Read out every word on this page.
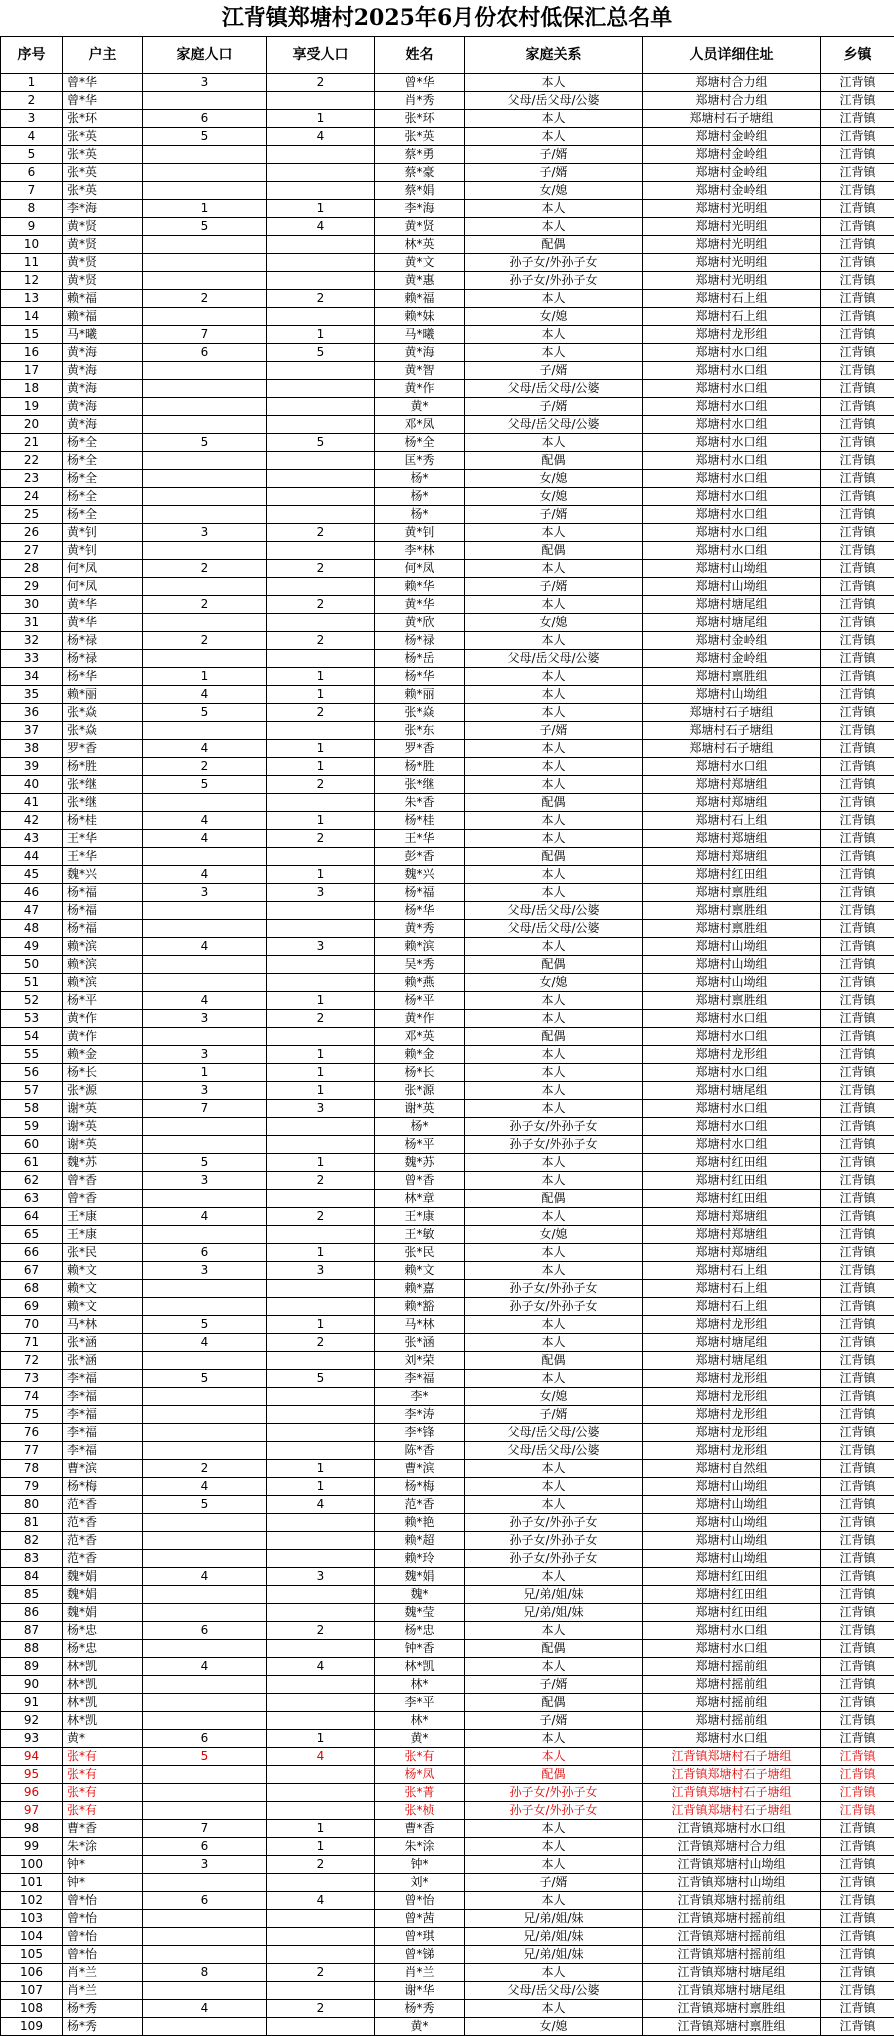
江背镇郑塘村2025年6月份农村低保汇总名单
序号	户主	家庭人口	享受人口	姓名	家庭关系	人员详细住址	乡镇
1	曾*华	3	2	曾*华	本人	郑塘村合力组	江背镇
2	曾*华			肖*秀	父母/岳父母/公婆	郑塘村合力组	江背镇
3	张*环	6	1	张*环	本人	郑塘村石子塘组	江背镇
4	张*英	5	4	张*英	本人	郑塘村金岭组	江背镇
5	张*英			蔡*勇	子/婿	郑塘村金岭组	江背镇
6	张*英			蔡*豪	子/婿	郑塘村金岭组	江背镇
7	张*英			蔡*娟	女/媳	郑塘村金岭组	江背镇
8	李*海	1	1	李*海	本人	郑塘村光明组	江背镇
9	黄*贤	5	4	黄*贤	本人	郑塘村光明组	江背镇
10	黄*贤			林*英	配偶	郑塘村光明组	江背镇
11	黄*贤			黄*文	孙子女/外孙子女	郑塘村光明组	江背镇
12	黄*贤			黄*惠	孙子女/外孙子女	郑塘村光明组	江背镇
13	赖*福	2	2	赖*福	本人	郑塘村石上组	江背镇
14	赖*福			赖*妹	女/媳	郑塘村石上组	江背镇
15	马*曦	7	1	马*曦	本人	郑塘村龙形组	江背镇
16	黄*海	6	5	黄*海	本人	郑塘村水口组	江背镇
17	黄*海			黄*智	子/婿	郑塘村水口组	江背镇
18	黄*海			黄*作	父母/岳父母/公婆	郑塘村水口组	江背镇
19	黄*海			黄*	子/婿	郑塘村水口组	江背镇
20	黄*海			邓*凤	父母/岳父母/公婆	郑塘村水口组	江背镇
21	杨*全	5	5	杨*全	本人	郑塘村水口组	江背镇
22	杨*全			匡*秀	配偶	郑塘村水口组	江背镇
23	杨*全			杨*	女/媳	郑塘村水口组	江背镇
24	杨*全			杨*	女/媳	郑塘村水口组	江背镇
25	杨*全			杨*	子/婿	郑塘村水口组	江背镇
26	黄*钊	3	2	黄*钊	本人	郑塘村水口组	江背镇
27	黄*钊			李*林	配偶	郑塘村水口组	江背镇
28	何*凤	2	2	何*凤	本人	郑塘村山坳组	江背镇
29	何*凤			赖*华	子/婿	郑塘村山坳组	江背镇
30	黄*华	2	2	黄*华	本人	郑塘村塘尾组	江背镇
31	黄*华			黄*欣	女/媳	郑塘村塘尾组	江背镇
32	杨*禄	2	2	杨*禄	本人	郑塘村金岭组	江背镇
33	杨*禄			杨*岳	父母/岳父母/公婆	郑塘村金岭组	江背镇
34	杨*华	1	1	杨*华	本人	郑塘村禀胜组	江背镇
35	赖*丽	4	1	赖*丽	本人	郑塘村山坳组	江背镇
36	张*焱	5	2	张*焱	本人	郑塘村石子塘组	江背镇
37	张*焱			张*东	子/婿	郑塘村石子塘组	江背镇
38	罗*香	4	1	罗*香	本人	郑塘村石子塘组	江背镇
39	杨*胜	2	1	杨*胜	本人	郑塘村水口组	江背镇
40	张*继	5	2	张*继	本人	郑塘村郑塘组	江背镇
41	张*继			朱*香	配偶	郑塘村郑塘组	江背镇
42	杨*桂	4	1	杨*桂	本人	郑塘村石上组	江背镇
43	王*华	4	2	王*华	本人	郑塘村郑塘组	江背镇
44	王*华			彭*香	配偶	郑塘村郑塘组	江背镇
45	魏*兴	4	1	魏*兴	本人	郑塘村红田组	江背镇
46	杨*福	3	3	杨*福	本人	郑塘村禀胜组	江背镇
47	杨*福			杨*华	父母/岳父母/公婆	郑塘村禀胜组	江背镇
48	杨*福			黄*秀	父母/岳父母/公婆	郑塘村禀胜组	江背镇
49	赖*滨	4	3	赖*滨	本人	郑塘村山坳组	江背镇
50	赖*滨			吴*秀	配偶	郑塘村山坳组	江背镇
51	赖*滨			赖*燕	女/媳	郑塘村山坳组	江背镇
52	杨*平	4	1	杨*平	本人	郑塘村禀胜组	江背镇
53	黄*作	3	2	黄*作	本人	郑塘村水口组	江背镇
54	黄*作			邓*英	配偶	郑塘村水口组	江背镇
55	赖*金	3	1	赖*金	本人	郑塘村龙形组	江背镇
56	杨*长	1	1	杨*长	本人	郑塘村水口组	江背镇
57	张*源	3	1	张*源	本人	郑塘村塘尾组	江背镇
58	谢*英	7	3	谢*英	本人	郑塘村水口组	江背镇
59	谢*英			杨*	孙子女/外孙子女	郑塘村水口组	江背镇
60	谢*英			杨*平	孙子女/外孙子女	郑塘村水口组	江背镇
61	魏*苏	5	1	魏*苏	本人	郑塘村红田组	江背镇
62	曾*香	3	2	曾*香	本人	郑塘村红田组	江背镇
63	曾*香			林*章	配偶	郑塘村红田组	江背镇
64	王*康	4	2	王*康	本人	郑塘村郑塘组	江背镇
65	王*康			王*敏	女/媳	郑塘村郑塘组	江背镇
66	张*民	6	1	张*民	本人	郑塘村郑塘组	江背镇
67	赖*文	3	3	赖*文	本人	郑塘村石上组	江背镇
68	赖*文			赖*嘉	孙子女/外孙子女	郑塘村石上组	江背镇
69	赖*文			赖*豁	孙子女/外孙子女	郑塘村石上组	江背镇
70	马*林	5	1	马*林	本人	郑塘村龙形组	江背镇
71	张*涵	4	2	张*涵	本人	郑塘村塘尾组	江背镇
72	张*涵			刘*荣	配偶	郑塘村塘尾组	江背镇
73	李*福	5	5	李*福	本人	郑塘村龙形组	江背镇
74	李*福			李*	女/媳	郑塘村龙形组	江背镇
75	李*福			李*涛	子/婿	郑塘村龙形组	江背镇
76	李*福			李*锋	父母/岳父母/公婆	郑塘村龙形组	江背镇
77	李*福			陈*香	父母/岳父母/公婆	郑塘村龙形组	江背镇
78	曹*滨	2	1	曹*滨	本人	郑塘村自然组	江背镇
79	杨*梅	4	1	杨*梅	本人	郑塘村山坳组	江背镇
80	范*香	5	4	范*香	本人	郑塘村山坳组	江背镇
81	范*香			赖*艳	孙子女/外孙子女	郑塘村山坳组	江背镇
82	范*香			赖*超	孙子女/外孙子女	郑塘村山坳组	江背镇
83	范*香			赖*玲	孙子女/外孙子女	郑塘村山坳组	江背镇
84	魏*娟	4	3	魏*娟	本人	郑塘村红田组	江背镇
85	魏*娟			魏*	兄/弟/姐/妹	郑塘村红田组	江背镇
86	魏*娟			魏*莹	兄/弟/姐/妹	郑塘村红田组	江背镇
87	杨*忠	6	2	杨*忠	本人	郑塘村水口组	江背镇
88	杨*忠			钟*香	配偶	郑塘村水口组	江背镇
89	林*凯	4	4	林*凯	本人	郑塘村摇前组	江背镇
90	林*凯			林*	子/婿	郑塘村摇前组	江背镇
91	林*凯			李*平	配偶	郑塘村摇前组	江背镇
92	林*凯			林*	子/婿	郑塘村摇前组	江背镇
93	黄*	6	1	黄*	本人	郑塘村水口组	江背镇
94	张*有	5	4	张*有	本人	江背镇郑塘村石子塘组	江背镇
95	张*有			杨*凤	配偶	江背镇郑塘村石子塘组	江背镇
96	张*有			张*菁	孙子女/外孙子女	江背镇郑塘村石子塘组	江背镇
97	张*有			张*桢	孙子女/外孙子女	江背镇郑塘村石子塘组	江背镇
98	曹*香	7	1	曹*香	本人	江背镇郑塘村水口组	江背镇
99	朱*涂	6	1	朱*涂	本人	江背镇郑塘村合力组	江背镇
100	钟*	3	2	钟*	本人	江背镇郑塘村山坳组	江背镇
101	钟*			刘*	子/婿	江背镇郑塘村山坳组	江背镇
102	曾*怡	6	4	曾*怡	本人	江背镇郑塘村摇前组	江背镇
103	曾*怡			曾*茜	兄/弟/姐/妹	江背镇郑塘村摇前组	江背镇
104	曾*怡			曾*琪	兄/弟/姐/妹	江背镇郑塘村摇前组	江背镇
105	曾*怡			曾*锑	兄/弟/姐/妹	江背镇郑塘村摇前组	江背镇
106	肖*兰	8	2	肖*兰	本人	江背镇郑塘村塘尾组	江背镇
107	肖*兰			谢*华	父母/岳父母/公婆	江背镇郑塘村塘尾组	江背镇
108	杨*秀	4	2	杨*秀	本人	江背镇郑塘村禀胜组	江背镇
109	杨*秀			黄*	女/媳	江背镇郑塘村禀胜组	江背镇
